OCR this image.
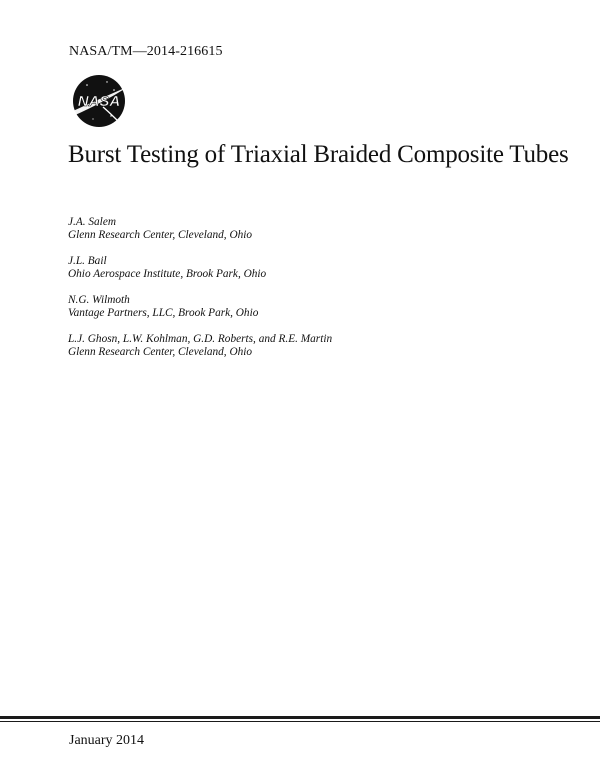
NASA/TM—2014-216615
NASA
Burst Testing of Triaxial Braided Composite Tubes
J.A. Salem
Glenn Research Center, Cleveland, Ohio
J.L. Bail
Ohio Aerospace Institute, Brook Park, Ohio
N.G. Wilmoth
Vantage Partners, LLC, Brook Park, Ohio
L.J. Ghosn, L.W. Kohlman, G.D. Roberts, and R.E. Martin
Glenn Research Center, Cleveland, Ohio
January 2014
